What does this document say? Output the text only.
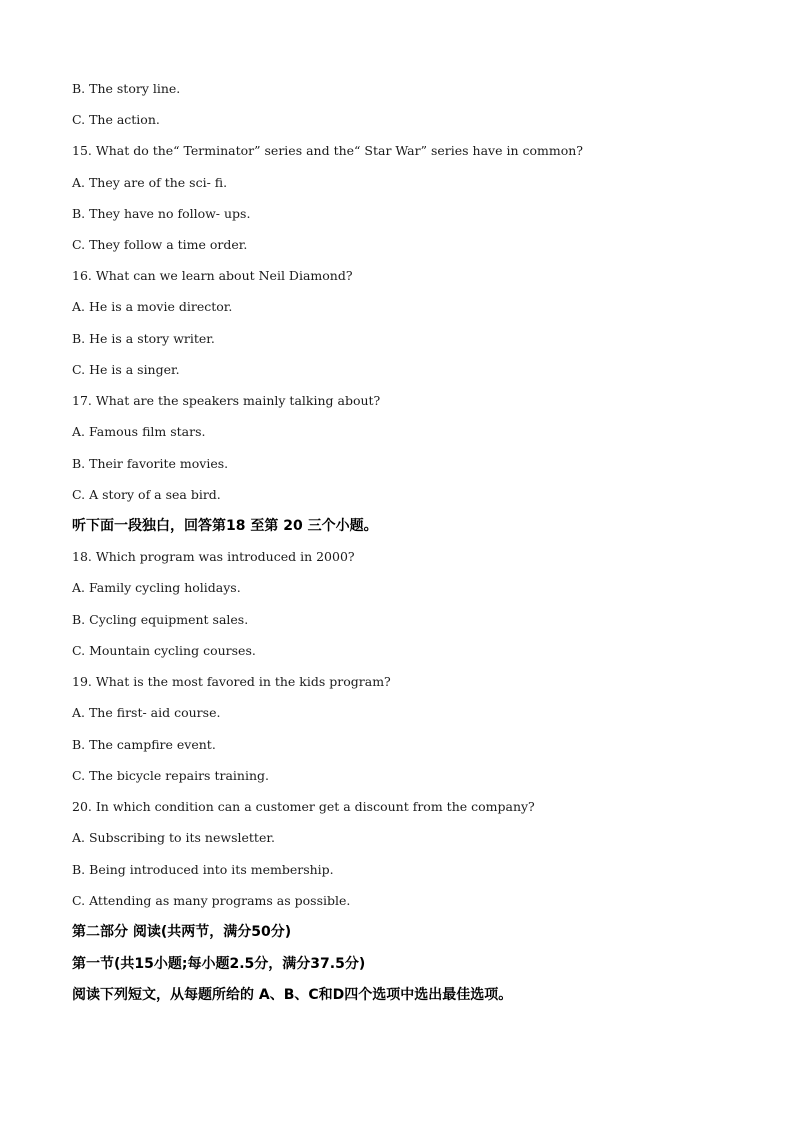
B. The story line.
C. The action.
15. What do the“ Terminator” series and the“ Star War” series have in common?
A. They are of the sci- fi.
B. They have no follow- ups.
C. They follow a time order.
16. What can we learn about Neil Diamond?
A. He is a movie director.
B. He is a story writer.
C. He is a singer.
17. What are the speakers mainly talking about?
A. Famous film stars.
B. Their favorite movies.
C. A story of a sea bird.
听下面一段独白，回答第18 至第 20 三个小题。
18. Which program was introduced in 2000?
A. Family cycling holidays.
B. Cycling equipment sales.
C. Mountain cycling courses.
19. What is the most favored in the kids program?
A. The first- aid course.
B. The campfire event.
C. The bicycle repairs training.
20. In which condition can a customer get a discount from the company?
A. Subscribing to its newsletter.
B. Being introduced into its membership.
C. Attending as many programs as possible.
第二部分 阅读(共两节，满分50分)
第一节(共15小题;每小题2.5分，满分37.5分)
阅读下列短文，从每题所给的 A、B、C和D四个选项中选出最佳选项。
